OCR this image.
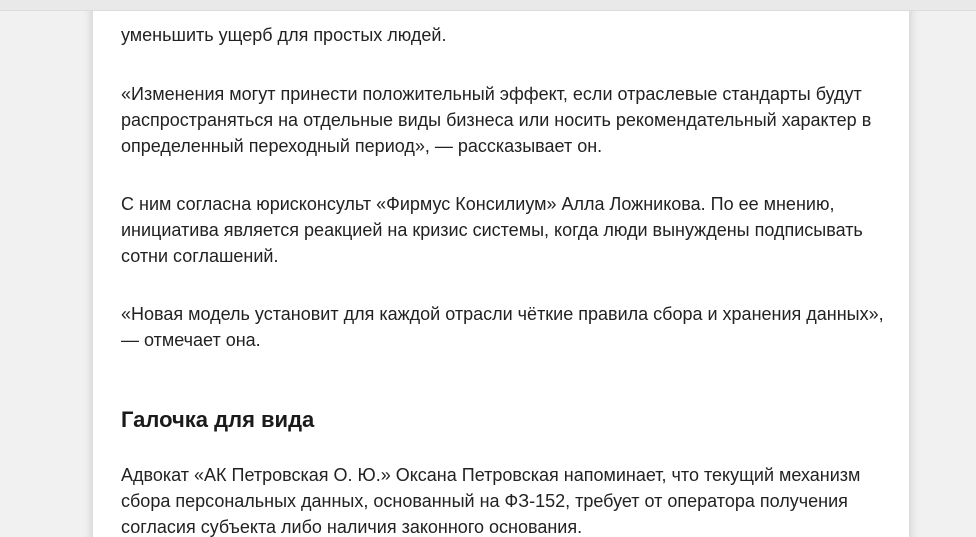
уменьшить ущерб для простых людей.

«Изменения могут принести положительный эффект, если отраслевые стандарты будут распространяться на отдельные виды бизнеса или носить рекомендательный характер в определенный переходный период», — рассказывает он.

С ним согласна юрисконсульт «Фирмус Консилиум» Алла Ложникова. По ее мнению, инициатива является реакцией на кризис системы, когда люди вынуждены подписывать сотни соглашений.

«Новая модель установит для каждой отрасли чёткие правила сбора и хранения данных», — отмечает она.

Галочка для вида

Адвокат «АК Петровская О. Ю.» Оксана Петровская напоминает, что текущий механизм сбора персональных данных, основанный на ФЗ-152, требует от оператора получения согласия субъекта либо наличия законного основания.
